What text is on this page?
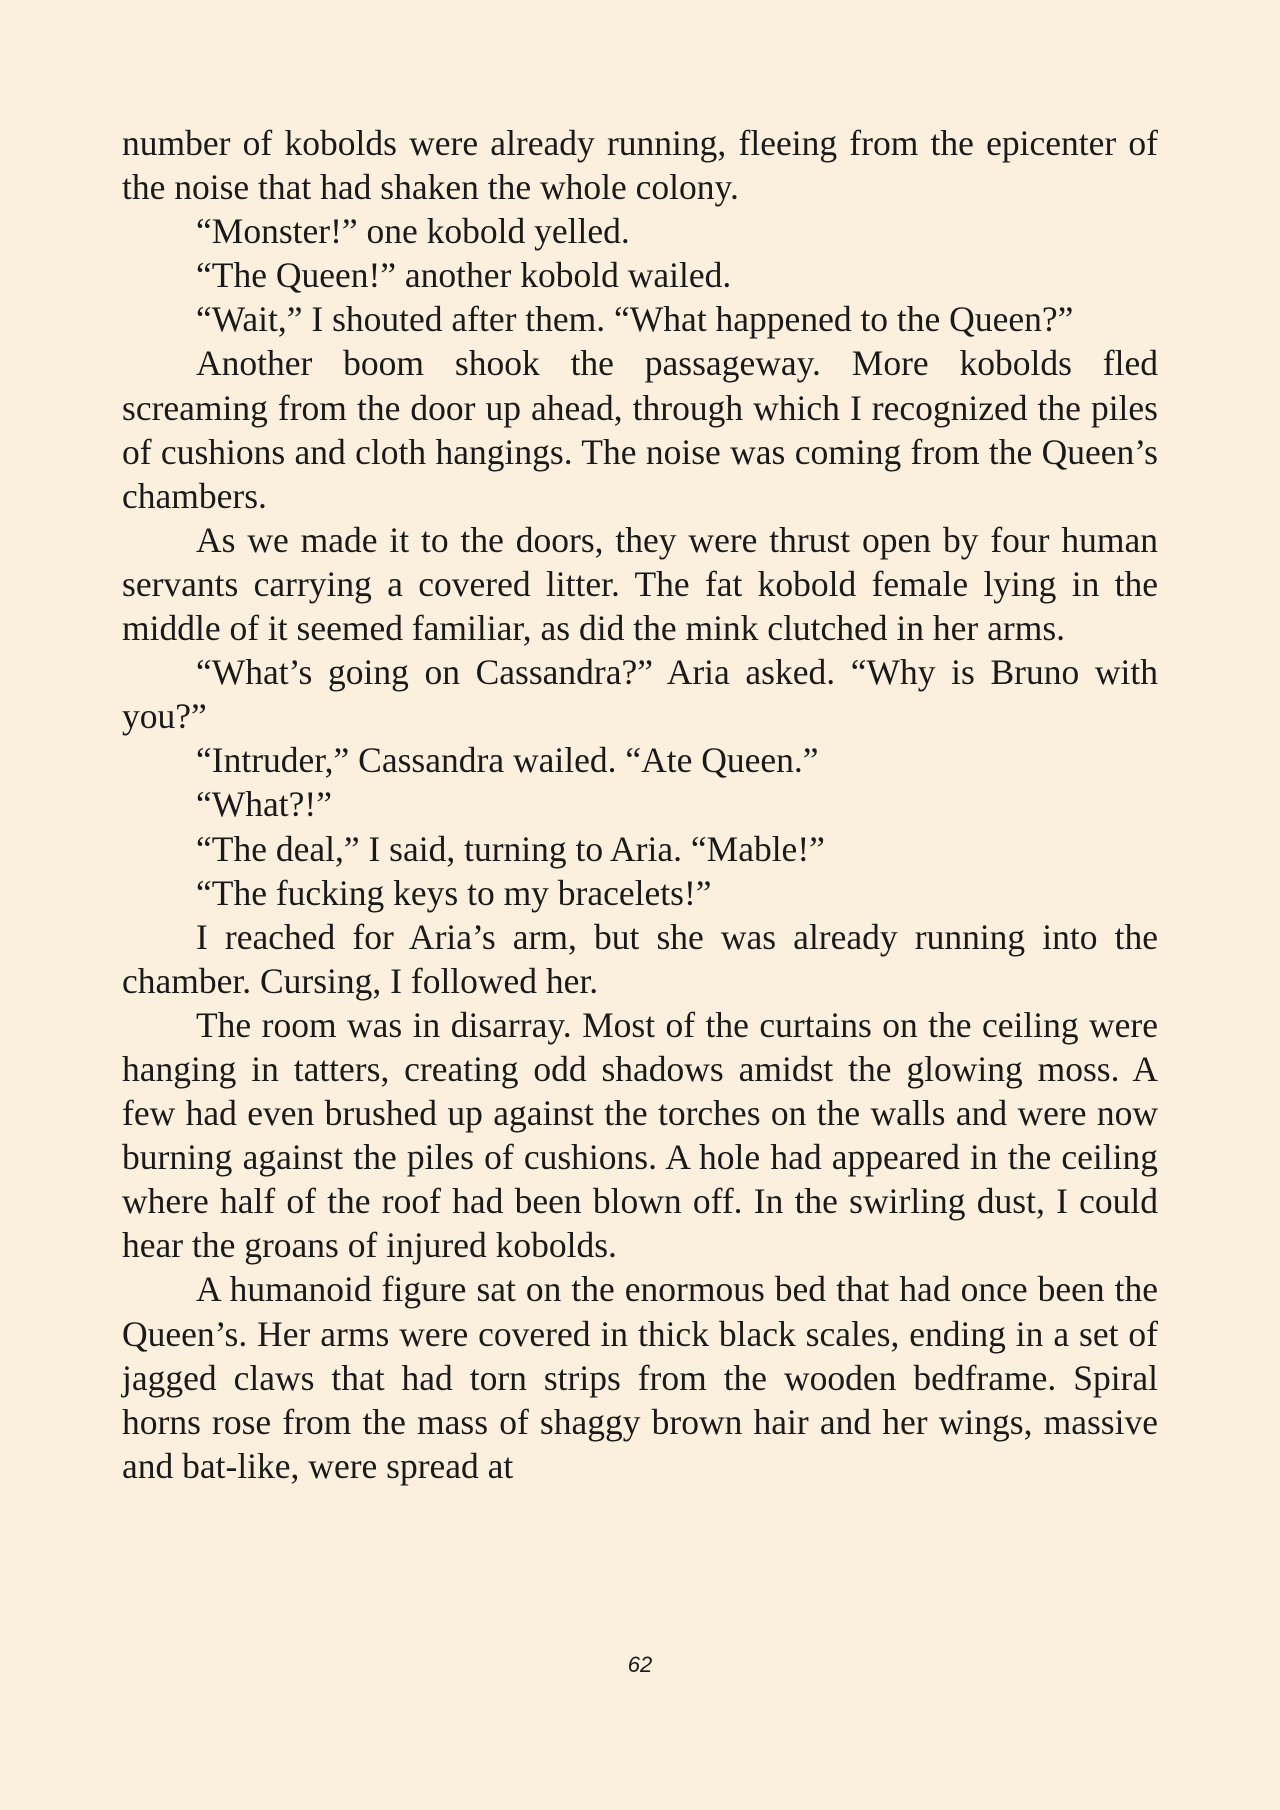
number of kobolds were already running, fleeing from the epicenter of the noise that had shaken the whole colony.

“Monster!” one kobold yelled.

“The Queen!” another kobold wailed.

“Wait,” I shouted after them. “What happened to the Queen?”

Another boom shook the passageway. More kobolds fled screaming from the door up ahead, through which I recognized the piles of cushions and cloth hangings. The noise was coming from the Queen’s chambers.

As we made it to the doors, they were thrust open by four human servants carrying a covered litter. The fat kobold female lying in the middle of it seemed familiar, as did the mink clutched in her arms.

“What’s going on Cassandra?” Aria asked. “Why is Bruno with you?”

“Intruder,” Cassandra wailed. “Ate Queen.”

“What?!”

“The deal,” I said, turning to Aria. “Mable!”

“The fucking keys to my bracelets!”

I reached for Aria’s arm, but she was already running into the chamber. Cursing, I followed her.

The room was in disarray. Most of the curtains on the ceiling were hanging in tatters, creating odd shadows amidst the glowing moss. A few had even brushed up against the torches on the walls and were now burning against the piles of cushions. A hole had appeared in the ceiling where half of the roof had been blown off. In the swirling dust, I could hear the groans of injured kobolds.

A humanoid figure sat on the enormous bed that had once been the Queen’s. Her arms were covered in thick black scales, ending in a set of jagged claws that had torn strips from the wooden bedframe. Spiral horns rose from the mass of shaggy brown hair and her wings, massive and bat-like, were spread at

62
